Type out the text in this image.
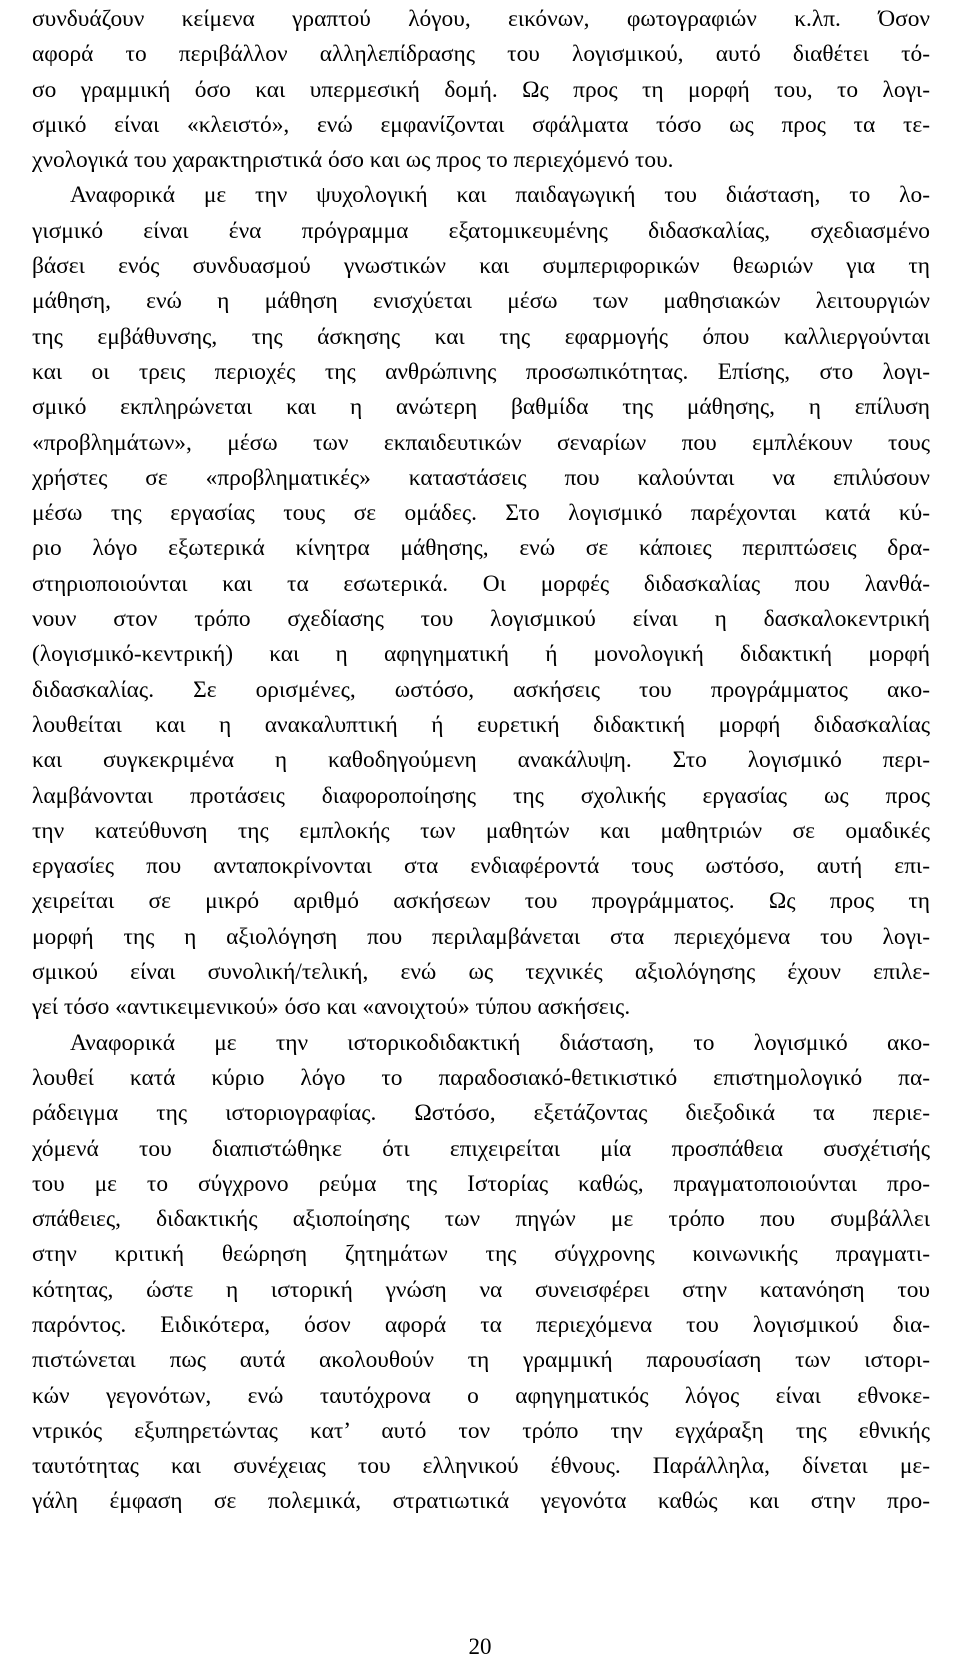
συνδυάζουν κείμενα γραπτού λόγου, εικόνων, φωτογραφιών κ.λπ. Όσον
αφορά το περιβάλλον αλληλεπίδρασης του λογισμικού, αυτό διαθέτει τό-
σο γραμμική όσο και υπερμεσική δομή. Ως προς τη μορφή του, το λογι-
σμικό είναι «κλειστό», ενώ εμφανίζονται σφάλματα τόσο ως προς τα τε-
χνολογικά του χαρακτηριστικά όσο και ως προς το περιεχόμενό του.
Αναφορικά με την ψυχολογική και παιδαγωγική του διάσταση, το λο-
γισμικό είναι ένα πρόγραμμα εξατομικευμένης διδασκαλίας, σχεδιασμένο
βάσει ενός συνδυασμού γνωστικών και συμπεριφορικών θεωριών για τη
μάθηση, ενώ η μάθηση ενισχύεται μέσω των μαθησιακών λειτουργιών
της εμβάθυνσης, της άσκησης και της εφαρμογής όπου καλλιεργούνται
και οι τρεις περιοχές της ανθρώπινης προσωπικότητας. Επίσης, στο λογι-
σμικό εκπληρώνεται και η ανώτερη βαθμίδα της μάθησης, η επίλυση
«προβλημάτων», μέσω των εκπαιδευτικών σεναρίων που εμπλέκουν τους
χρήστες σε «προβληματικές» καταστάσεις που καλούνται να επιλύσουν
μέσω της εργασίας τους σε ομάδες. Στο λογισμικό παρέχονται κατά κύ-
ριο λόγο εξωτερικά κίνητρα μάθησης, ενώ σε κάποιες περιπτώσεις δρα-
στηριοποιούνται και τα εσωτερικά. Οι μορφές διδασκαλίας που λανθά-
νουν στον τρόπο σχεδίασης του λογισμικού είναι η δασκαλοκεντρική
(λογισμικό-κεντρική) και η αφηγηματική ή μονολογική διδακτική μορφή
διδασκαλίας. Σε ορισμένες, ωστόσο, ασκήσεις του προγράμματος ακο-
λουθείται και η ανακαλυπτική ή ευρετική διδακτική μορφή διδασκαλίας
και συγκεκριμένα η καθοδηγούμενη ανακάλυψη. Στο λογισμικό περι-
λαμβάνονται προτάσεις διαφοροποίησης της σχολικής εργασίας ως προς
την κατεύθυνση της εμπλοκής των μαθητών και μαθητριών σε ομαδικές
εργασίες που ανταποκρίνονται στα ενδιαφέροντά τους ωστόσο, αυτή επι-
χειρείται σε μικρό αριθμό ασκήσεων του προγράμματος. Ως προς τη
μορφή της η αξιολόγηση που περιλαμβάνεται στα περιεχόμενα του λογι-
σμικού είναι συνολική/τελική, ενώ ως τεχνικές αξιολόγησης έχουν επιλε-
γεί τόσο «αντικειμενικού» όσο και «ανοιχτού» τύπου ασκήσεις.
Αναφορικά με την ιστορικοδιδακτική διάσταση, το λογισμικό ακο-
λουθεί κατά κύριο λόγο το παραδοσιακό-θετικιστικό επιστημολογικό πα-
ράδειγμα της ιστοριογραφίας. Ωστόσο, εξετάζοντας διεξοδικά τα περιε-
χόμενά του διαπιστώθηκε ότι επιχειρείται μία προσπάθεια συσχέτισής
του με το σύγχρονο ρεύμα της Ιστορίας καθώς, πραγματοποιούνται προ-
σπάθειες, διδακτικής αξιοποίησης των πηγών με τρόπο που συμβάλλει
στην κριτική θεώρηση ζητημάτων της σύγχρονης κοινωνικής πραγματι-
κότητας, ώστε η ιστορική γνώση να συνεισφέρει στην κατανόηση του
παρόντος. Ειδικότερα, όσον αφορά τα περιεχόμενα του λογισμικού δια-
πιστώνεται πως αυτά ακολουθούν τη γραμμική παρουσίαση των ιστορι-
κών γεγονότων, ενώ ταυτόχρονα ο αφηγηματικός λόγος είναι εθνοκε-
ντρικός εξυπηρετώντας κατ’ αυτό τον τρόπο την εγχάραξη της εθνικής
ταυτότητας και συνέχειας του ελληνικού έθνους. Παράλληλα, δίνεται με-
γάλη έμφαση σε πολεμικά, στρατιωτικά γεγονότα καθώς και στην προ-
20
